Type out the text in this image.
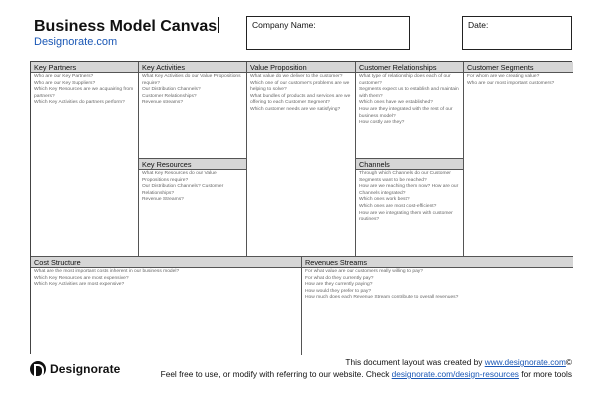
Business Model Canvas
Designorate.com
Company Name:	Date:
Key Partners
Who are our Key Partners?
Who are our Key Suppliers?
Which Key Resources are we acquairing from partners?
Which Key Activities do partners perform?
Key Activities
What Key Activities do our Value Propositions require?
Our Distribution Channels?
Customer Relationships?
Revenue streams?
Key Resources
What Key Resources do our Value Propositions require?
Our Distribution Channels? Customer Relationships?
Revenue Streams?
Value Proposition
What value do we deliver to the customer?
Which one of our customer's problems are we helping to solve?
What bundles of products and services are we offering to each Customer Segment?
Which customer needs are we satisfying?
Customer Relationships
What type of relationship does each of our customer?
Segments expect us to establish and maintain with them?
Which ones have we established?
How are they integrated with the rest of our business model?
How costly are they?
Channels
Through which Channels do our Customer Segments want to be reached?
How are we reaching them now? How are our Channels integrated?
Which ones work best?
Which ones are most cost-efficient?
How are we integrating them with customer routines?
Customer Segments
For whom are we creating value?
Who are our most important customers?
Cost Structure
What are the most important costs inherent in our business model?
Which Key Resources are most expensive?
Which Key Activities are most expensive?
Revenues Streams
For what value are our customers really willing to pay?
For what do they currently pay?
How are they currently paying?
How would they prefer to pay?
How much does each Revenue Stream contribute to overall revenues?
Designorate	This document layout was created by www.designorate.com©
Feel free to use, or modify with referring to our website. Check designorate.com/design-resources for more tools
